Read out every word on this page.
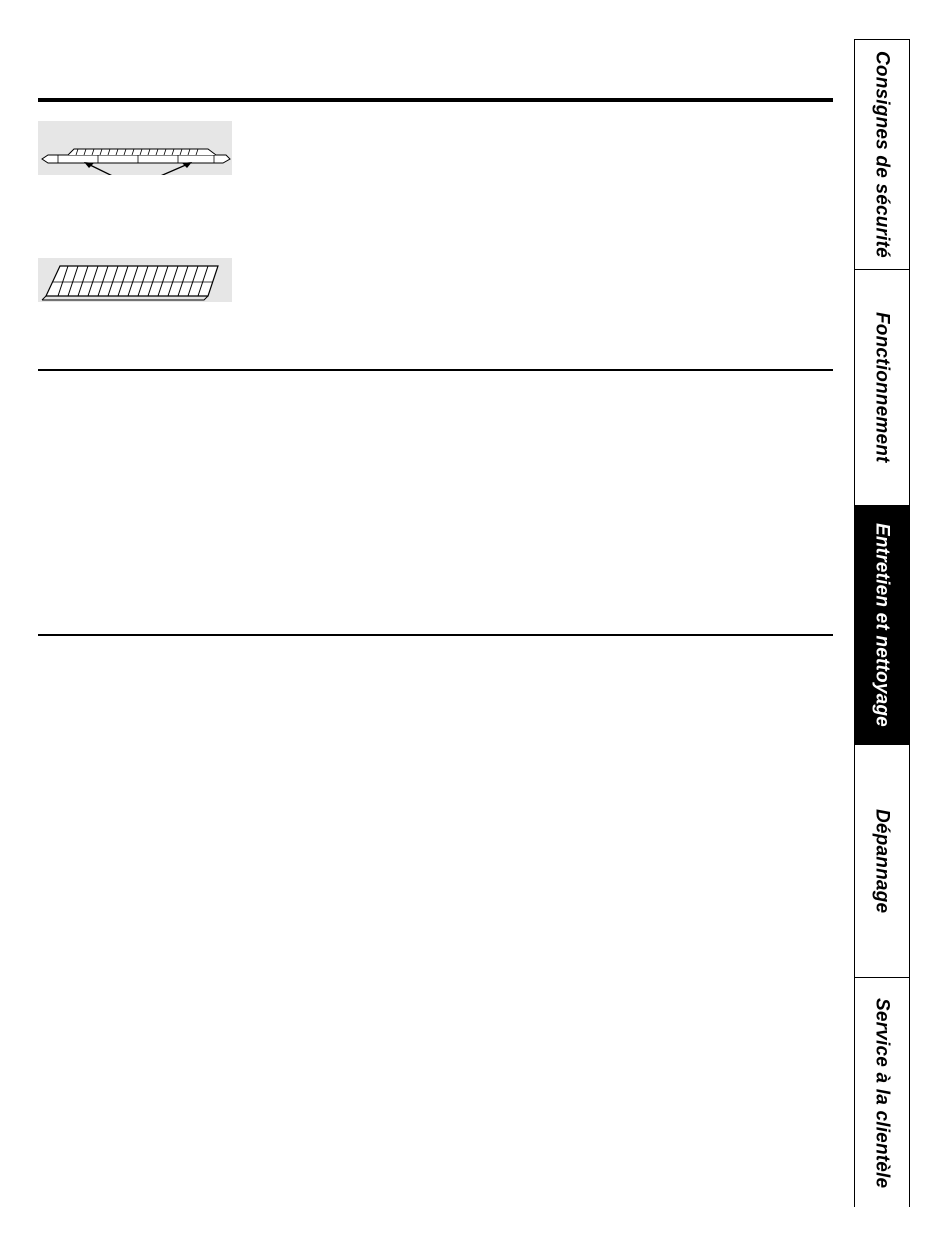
Consignes de sécurité
Fonctionnement
Entretien et nettoyage
Dépannage
Service à la clientèle
